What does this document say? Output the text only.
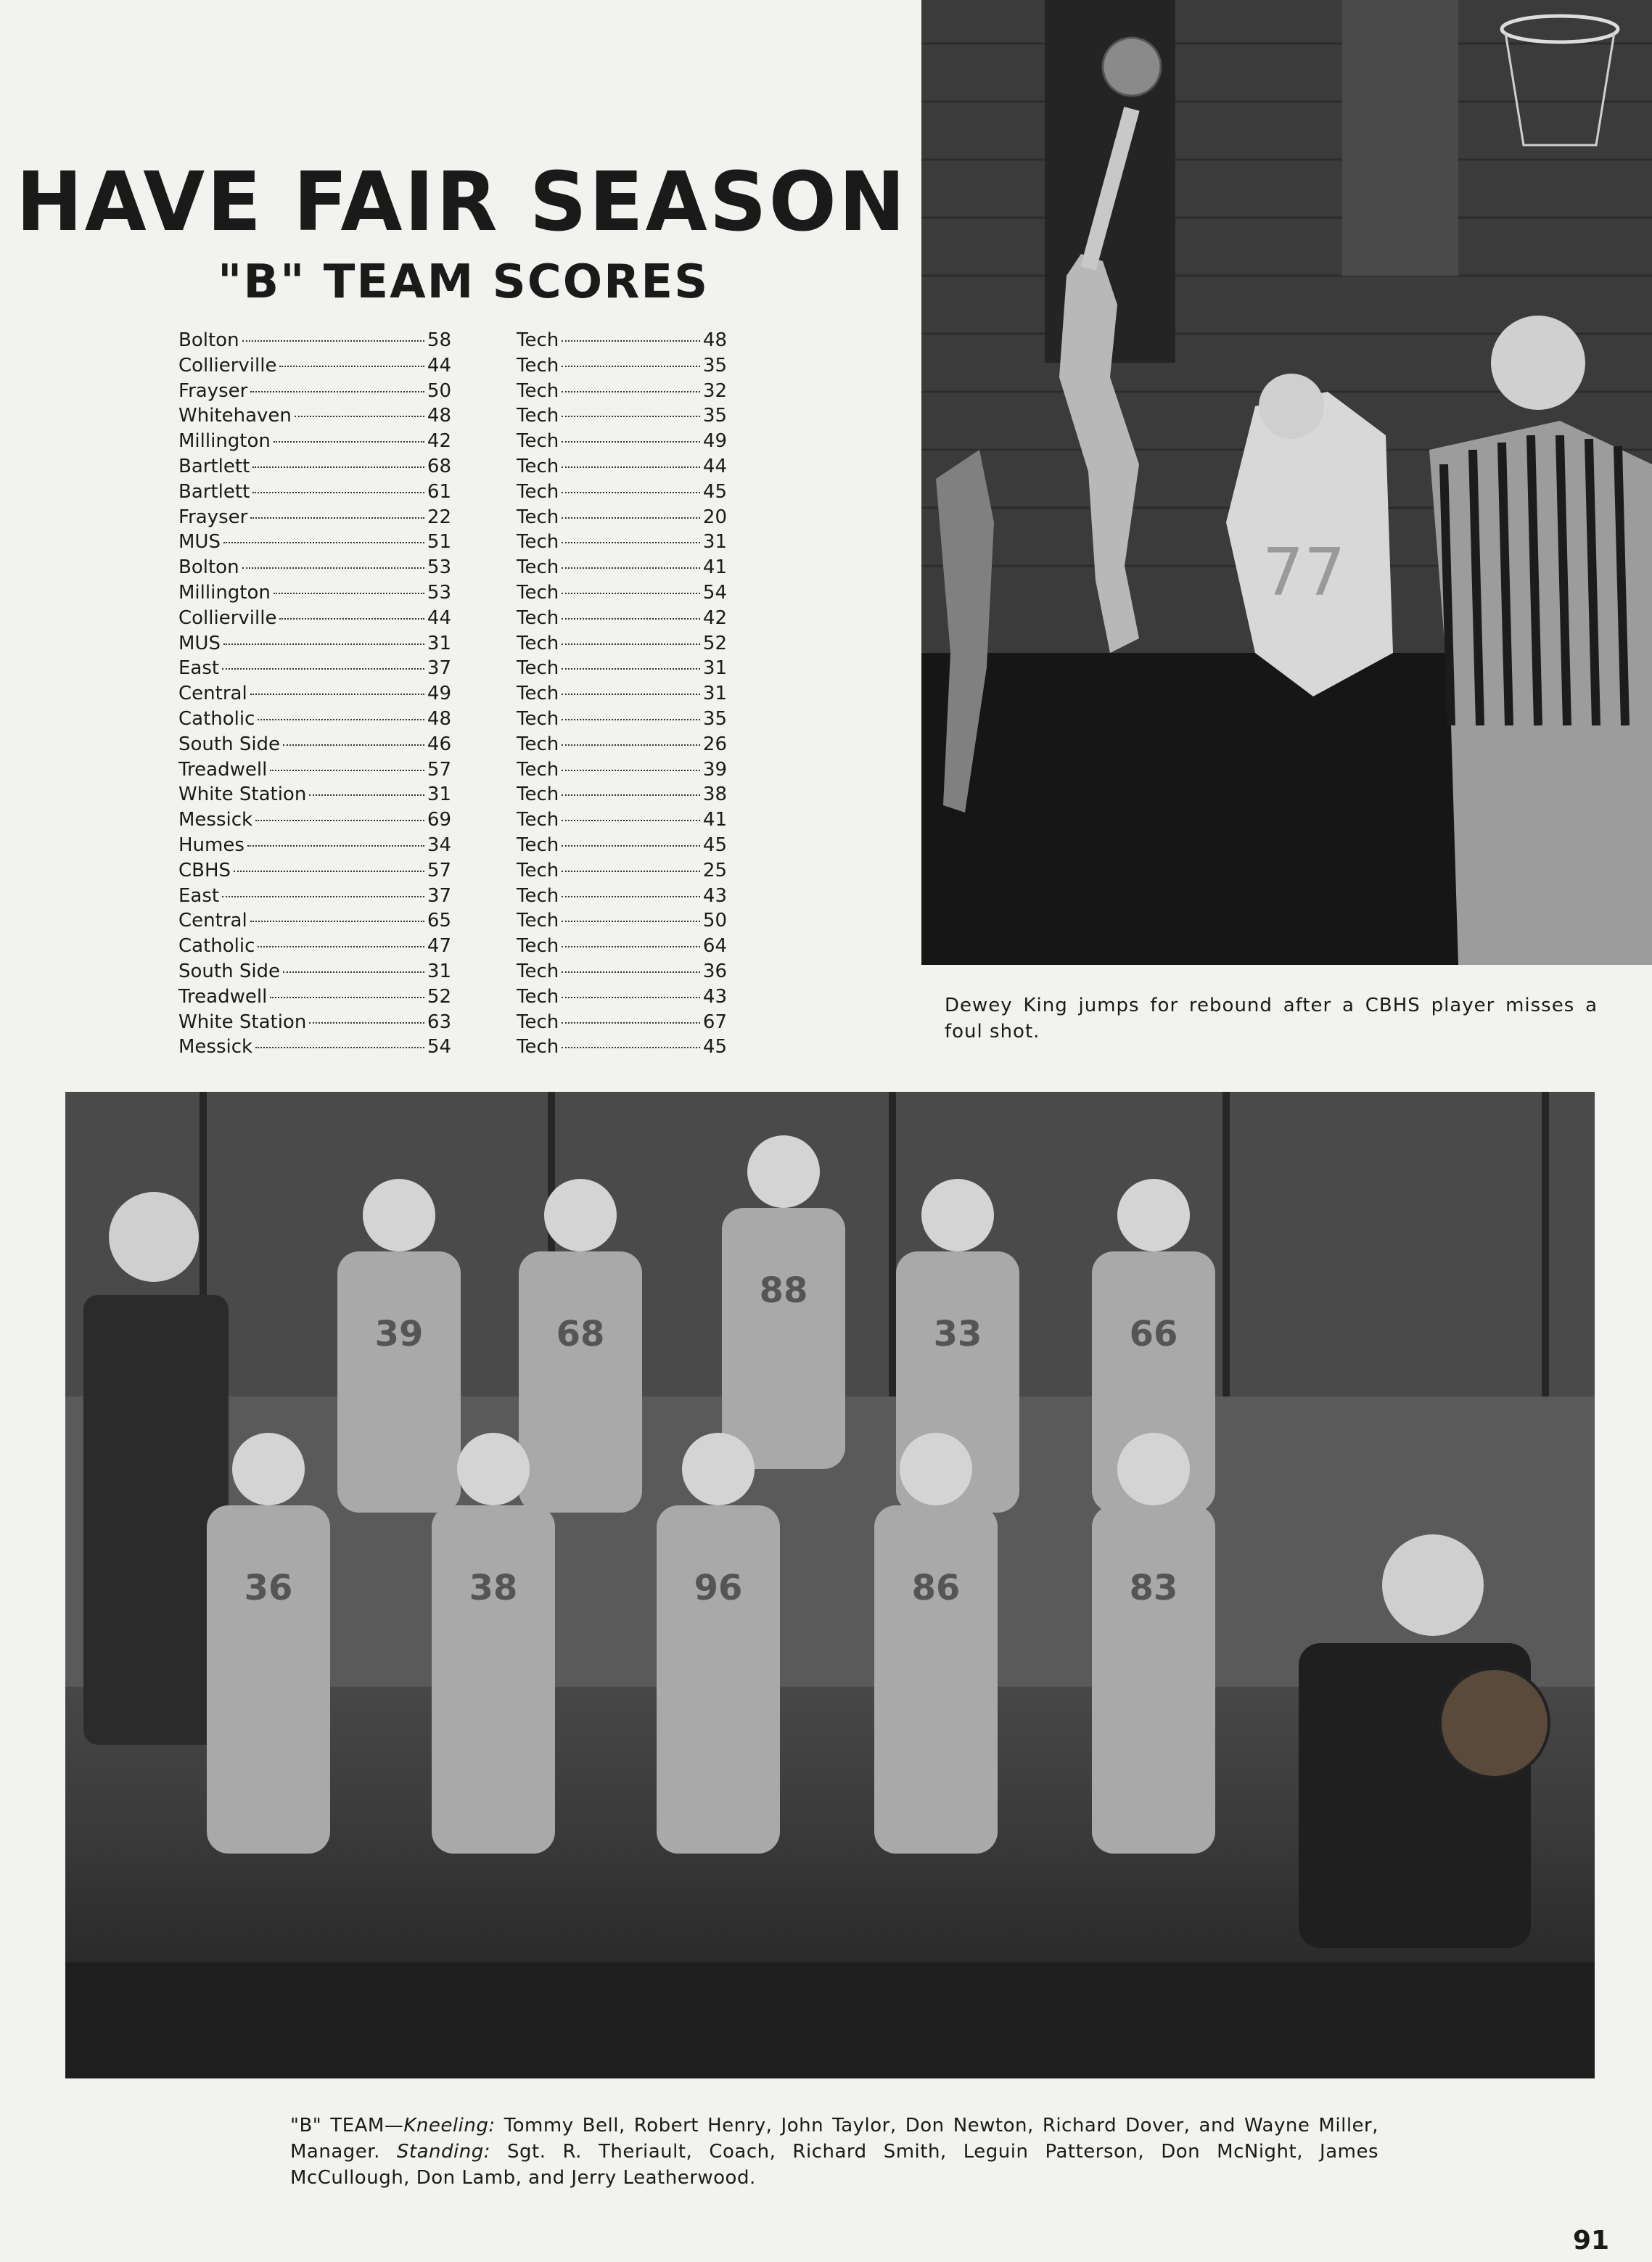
HAVE FAIR SEASON
"B" TEAM SCORES
Bolton	58	Tech	48
Collierville	44	Tech	35
Frayser	50	Tech	32
Whitehaven	48	Tech	35
Millington	42	Tech	49
Bartlett	68	Tech	44
Bartlett	61	Tech	45
Frayser	22	Tech	20
MUS	51	Tech	31
Bolton	53	Tech	41
Millington	53	Tech	54
Collierville	44	Tech	42
MUS	31	Tech	52
East	37	Tech	31
Central	49	Tech	31
Catholic	48	Tech	35
South Side	46	Tech	26
Treadwell	57	Tech	39
White Station	31	Tech	38
Messick	69	Tech	41
Humes	34	Tech	45
CBHS	57	Tech	25
East	37	Tech	43
Central	65	Tech	50
Catholic	47	Tech	64
South Side	31	Tech	36
Treadwell	52	Tech	43
White Station	63	Tech	67
Messick	54	Tech	45
77
Dewey King jumps for rebound after a CBHS player misses a foul shot.
39	68
88
33	66
36	38	96	86	83
"B" TEAM—Kneeling: Tommy Bell, Robert Henry, John Taylor, Don Newton, Richard Dover, and Wayne Miller, Manager. Standing: Sgt. R. Theriault, Coach, Richard Smith, Leguin Patterson, Don McNight, James McCullough, Don Lamb, and Jerry Leatherwood.
91
